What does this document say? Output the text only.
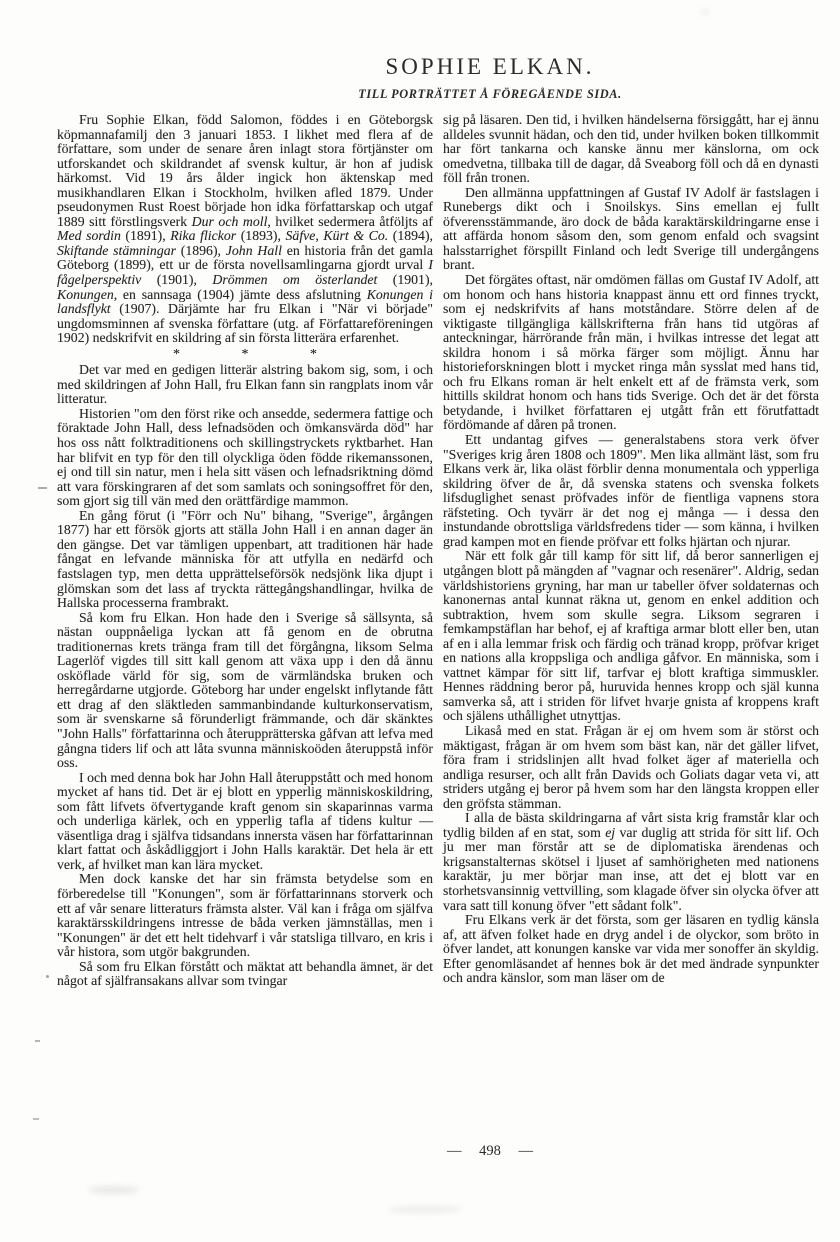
SOPHIE ELKAN.
TILL PORTRÄTTET Å FÖREGÅENDE SIDA.

Fru Sophie Elkan, född Salomon, föddes i en Göteborgsk köpmannafamilj den 3 januari 1853. I likhet med flera af de författare, som under de senare åren inlagt stora förtjänster om utforskandet och skildrandet af svensk kultur, är hon af judisk härkomst. Vid 19 års ålder ingick hon äktenskap med musikhandlaren Elkan i Stockholm, hvilken afled 1879. Under pseudonymen Rust Roest började hon idka författarskap och utgaf 1889 sitt förstlingsverk Dur och moll, hvilket sedermera åtföljts af Med sordin (1891), Rika flickor (1893), Säfve, Kürt & Co. (1894), Skiftande stämningar (1896), John Hall en historia från det gamla Göteborg (1899), ett ur de första novellsamlingarna gjordt urval I fågelperspektiv (1901), Drömmen om österlandet (1901), Konungen, en sannsaga (1904) jämte dess afslutning Konungen i landsflykt (1907). Därjämte har fru Elkan i "När vi började" ungdomsminnen af svenska författare (utg. af Författareföreningen 1902) nedskrifvit en skildring af sin första litterära erfarenhet.

* * *

Det var med en gedigen litterär alstring bakom sig, som, i och med skildringen af John Hall, fru Elkan fann sin rangplats inom vår litteratur.

Historien "om den först rike och ansedde, sedermera fattige och föraktade John Hall, dess lefnadsöden och ömkansvärda död" har hos oss nått folktraditionens och skillingstryckets ryktbarhet. Han har blifvit en typ för den till olyckliga öden födde rikemanssonen, ej ond till sin natur, men i hela sitt väsen och lefnadsriktning dömd att vara förskingraren af det som samlats och soningsoffret för den, som gjort sig till vän med den orättfärdige mammon.

En gång förut (i "Förr och Nu" bihang, "Sverige", årgången 1877) har ett försök gjorts att ställa John Hall i en annan dager än den gängse. Det var tämligen uppenbart, att traditionen här hade fångat en lefvande människa för att utfylla en nedärfd och fastslagen typ, men detta upprättelseförsök nedsjönk lika djupt i glömskan som det lass af tryckta rättegångshandlingar, hvilka de Hallska processerna frambrakt.

Så kom fru Elkan. Hon hade den i Sverige så sällsynta, så nästan ouppnåeliga lyckan att få genom en de obrutna traditionernas krets tränga fram till det förgångna, liksom Selma Lagerlöf vigdes till sitt kall genom att växa upp i den då ännu osköflade värld för sig, som de värmländska bruken och herregårdarne utgjorde. Göteborg har under engelskt inflytande fått ett drag af den släktleden sammanbindande kulturkonservatism, som är svenskarne så förunderligt främmande, och där skänktes "John Halls" författarinna och återupprätterska gåfvan att lefva med gångna tiders lif och att låta svunna människoöden återuppstå inför oss.

I och med denna bok har John Hall återuppstått och med honom mycket af hans tid. Det är ej blott en ypperlig människoskildring, som fått lifvets öfvertygande kraft genom sin skaparinnas varma och underliga kärlek, och en ypperlig tafla af tidens kultur — väsentliga drag i själfva tidsandans innersta väsen har författarinnan klart fattat och åskådliggjort i John Halls karaktär. Det hela är ett verk, af hvilket man kan lära mycket.

Men dock kanske det har sin främsta betydelse som en förberedelse till "Konungen", som är författarinnans storverk och ett af vår senare litteraturs främsta alster. Väl kan i fråga om själfva karaktärsskildringens intresse de båda verken jämnställas, men i "Konungen" är det ett helt tidehvarf i vår statsliga tillvaro, en kris i vår histora, som utgör bakgrunden.

Så som fru Elkan förstått och mäktat att behandla ämnet, är det något af själfransakans allvar som tvingar

sig på läsaren. Den tid, i hvilken händelserna försiggått, har ej ännu alldeles svunnit hädan, och den tid, under hvilken boken tillkommit har fört tankarna och kanske ännu mer känslorna, om ock omedvetna, tillbaka till de dagar, då Sveaborg föll och då en dynasti föll från tronen.

Den allmänna uppfattningen af Gustaf IV Adolf är fastslagen i Runebergs dikt och i Snoilskys. Sins emellan ej fullt öfverensstämmande, äro dock de båda karaktärskildringarne ense i att affärda honom såsom den, som genom enfald och svagsint halsstarrighet förspillt Finland och ledt Sverige till undergångens brant.

Det förgätes oftast, när omdömen fällas om Gustaf IV Adolf, att om honom och hans historia knappast ännu ett ord finnes tryckt, som ej nedskrifvits af hans motståndare. Större delen af de viktigaste tillgängliga källskrifterna från hans tid utgöras af anteckningar, härrörande från män, i hvilkas intresse det legat att skildra honom i så mörka färger som möjligt. Ännu har historieforskningen blott i mycket ringa mån sysslat med hans tid, och fru Elkans roman är helt enkelt ett af de främsta verk, som hittills skildrat honom och hans tids Sverige. Och det är det första betydande, i hvilket författaren ej utgått från ett förutfattadt fördömande af dåren på tronen.

Ett undantag gifves — generalstabens stora verk öfver "Sveriges krig åren 1808 och 1809". Men lika allmänt läst, som fru Elkans verk är, lika oläst förblir denna monumentala och ypperliga skildring öfver de år, då svenska statens och svenska folkets lifsduglighet senast pröfvades inför de fientliga vapnens stora räfsteting. Och tyvärr är det nog ej många — i dessa den instundande obrottsliga världsfredens tider — som känna, i hvilken grad kampen mot en fiende pröfvar ett folks hjärtan och njurar.

När ett folk går till kamp för sitt lif, då beror sannerligen ej utgången blott på mängden af "vagnar och resenärer". Aldrig, sedan världshistoriens gryning, har man ur tabeller öfver soldaternas och kanonernas antal kunnat räkna ut, genom en enkel addition och subtraktion, hvem som skulle segra. Liksom segraren i femkampstäflan har behof, ej af kraftiga armar blott eller ben, utan af en i alla lemmar frisk och färdig och tränad kropp, pröfvar kriget en nations alla kroppsliga och andliga gåfvor. En människa, som i vattnet kämpar för sitt lif, tarfvar ej blott kraftiga simmuskler. Hennes räddning beror på, huruvida hennes kropp och själ kunna samverka så, att i striden för lifvet hvarje gnista af kroppens kraft och själens uthållighet utnyttjas.

Likaså med en stat. Frågan är ej om hvem som är störst och mäktigast, frågan är om hvem som bäst kan, när det gäller lifvet, föra fram i stridslinjen allt hvad folket äger af materiella och andliga resurser, och allt från Davids och Goliats dagar veta vi, att striders utgång ej beror på hvem som har den längsta kroppen eller den gröfsta stämman.

I alla de bästa skildringarna af vårt sista krig framstår klar och tydlig bilden af en stat, som ej var duglig att strida för sitt lif. Och ju mer man förstår att se de diplomatiska ärendenas och krigsanstalternas skötsel i ljuset af samhörigheten med nationens karaktär, ju mer börjar man inse, att det ej blott var en storhetsvansinnig vettvilling, som klagade öfver sin olycka öfver att vara satt till konung öfver "ett sådant folk".

Fru Elkans verk är det första, som ger läsaren en tydlig känsla af, att äfven folket hade en dryg andel i de olyckor, som bröto in öfver landet, att konungen kanske var vida mer sonoffer än skyldig. Efter genomläsandet af hennes bok är det med ändrade synpunkter och andra känslor, som man läser om de

— 498 —
